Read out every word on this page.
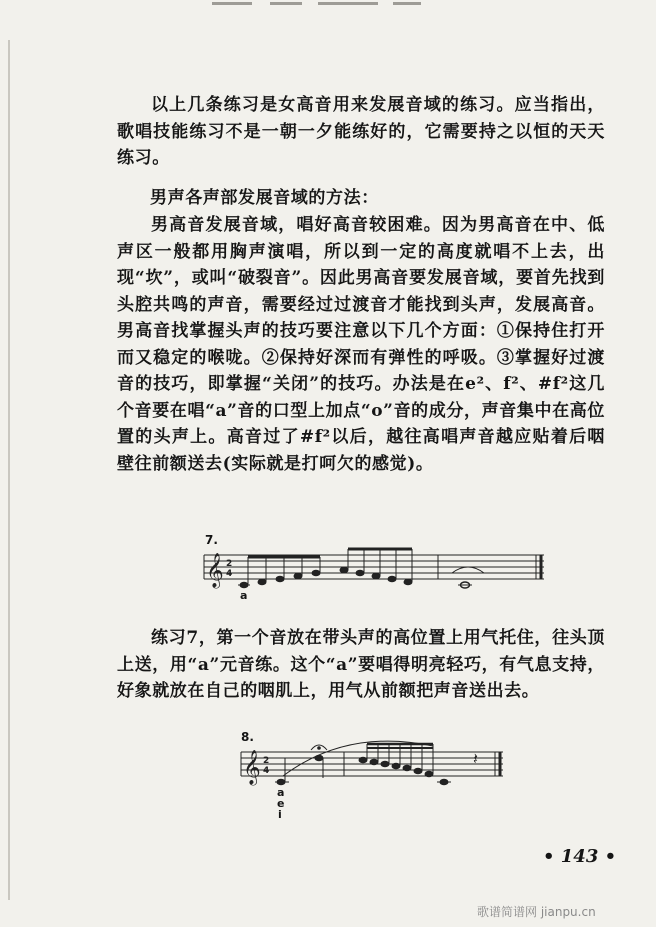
以上几条练习是女高音用来发展音域的练习。应当指出，歌唱技能练习不是一朝一夕能练好的，它需要持之以恒的天天练习。
男声各声部发展音域的方法：
男高音发展音域，唱好高音较困难。因为男高音在中、低声区一般都用胸声演唱，所以到一定的高度就唱不上去，出现“坎”，或叫“破裂音”。因此男高音要发展音域，要首先找到头腔共鸣的声音，需要经过过渡音才能找到头声，发展高音。男高音找掌握头声的技巧要注意以下几个方面：①保持住打开而又稳定的喉咙。②保持好深而有弹性的呼吸。③掌握好过渡音的技巧，即掌握“关闭”的技巧。办法是在e²、f²、#f²这几个音要在唱“a”音的口型上加点“o”音的成分，声音集中在高位置的头声上。高音过了#f²以后，越往高唱声音越应贴着后咽壁往前额送去(实际就是打呵欠的感觉)。
7.
𝄞 2
4
a
练习7，第一个音放在带头声的高位置上用气托住，往头顶上送，用“a”元音练。这个“a”要唱得明亮轻巧，有气息支持，好象就放在自己的咽肌上，用气从前额把声音送出去。
8.
𝄞 2
4
𝄽
a
e
i
• 143 •
歌谱简谱网 jianpu.cn
